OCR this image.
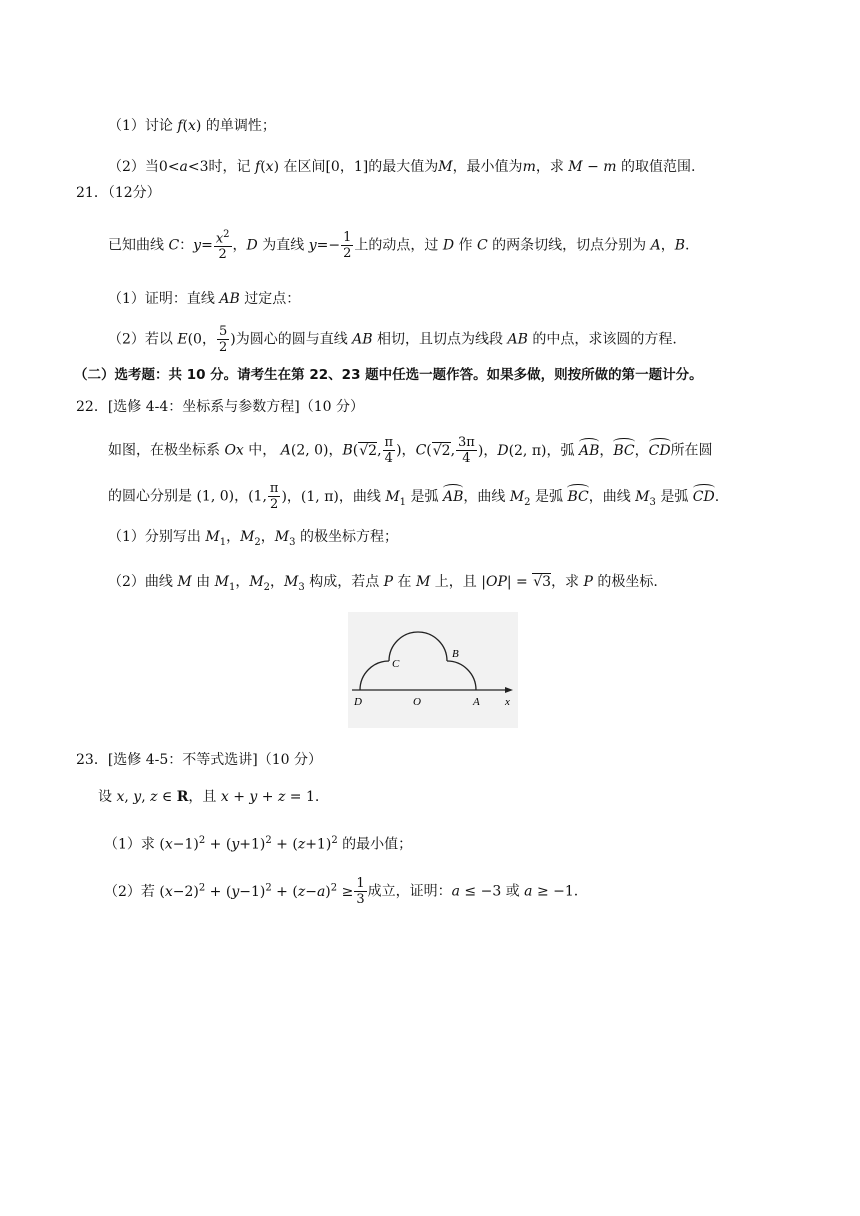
（1）讨论 f(x) 的单调性；
（2）当0<a<3时，记 f(x) 在区间[0，1]的最大值为M，最小值为m，求 M − m 的取值范围.
21．（12分）
已知曲线 C：$y= \frac{x^2}{2}$ ，D 为直线 $y=- \frac{1}{2}$ 上的动点，过 D 作 C 的两条切线，切点分别为 A，B.
（1）证明：直线 AB 过定点：
（2）若以 E(0， $\frac{5}{2}$ )为圆心的圆与直线 AB 相切，且切点为线段 AB 的中点，求该圆的方程.
（二）选考题：共 10 分。请考生在第 22、23 题中任选一题作答。如果多做，则按所做的第一题计分。
22．[选修 4-4：坐标系与参数方程]（10 分）
如图，在极坐标系 Ox 中， A(2, 0)，B(√2, $\frac{\pi}{4}$ )，C(√2, $\frac{3\pi}{4}$ )，D(2, π)，弧 AB，BC，CD所在圆
的圆心分别是 (1, 0)，(1, $\frac{\pi}{2}$ )，(1, π)，曲线 $M_1$ 是弧 AB，曲线 $M_2$ 是弧 BC，曲线 $M_3$ 是弧 CD.
（1）分别写出 $M_1$，$M_2$，$M_3$ 的极坐标方程；
（2）曲线 M 由 $M_1$，$M_2$，$M_3$ 构成，若点 P 在 M 上，且 |OP| = √3，求 P 的极坐标.
C
B
D	O	A x
23．[选修 4-5：不等式选讲]（10 分）
设 x, y, z ∈ R，且 x + y + z = 1.
（1）求 $(x-1)^2 + (y+1)^2 + (z+1)^2$ 的最小值；
（2）若 $(x-2)^2 + (y-1)^2 + (z-a)^2 \ge \frac{1}{3}$ 成立，证明：a ≤ −3 或 a ≥ −1.
